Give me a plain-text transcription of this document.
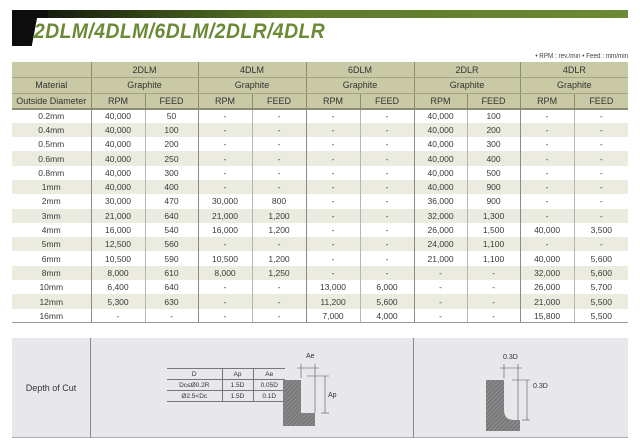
2DLM/4DLM/6DLM/2DLR/4DLR
• RPM : rev./min • Feed : mm/min
	2DLM		4DLM		6DLM		2DLR		4DLR	
Material	Graphite		Graphite		Graphite		Graphite		Graphite	
Outside Diameter	RPM	FEED	RPM	FEED	RPM	FEED	RPM	FEED	RPM	FEED
0.2mm	40,000	50	-	-	-	-	40,000	100	-	-
0.4mm	40,000	100	-	-	-	-	40,000	200	-	-
0.5mm	40,000	200	-	-	-	-	40,000	300	-	-
0.6mm	40,000	250	-	-	-	-	40,000	400	-	-
0.8mm	40,000	300	-	-	-	-	40,000	500	-	-
1mm	40,000	400	-	-	-	-	40,000	900	-	-
2mm	30,000	470	30,000	800	-	-	36,000	900	-	-
3mm	21,000	640	21,000	1,200	-	-	32,000	1,300	-	-
4mm	16,000	540	16,000	1,200	-	-	26,000	1,500	40,000	3,500
5mm	12,500	560	-	-	-	-	24,000	1,100	-	-
6mm	10,500	590	10,500	1,200	-	-	21,000	1,100	40,000	5,600
8mm	8,000	610	8,000	1,250	-	-	-	-	32,000	5,600
10mm	6,400	640	-	-	13,000	6,000	-	-	26,000	5,700
12mm	5,300	630	-	-	11,200	5,600	-	-	21,000	5,500
16mm	-	-	-	-	7,000	4,000	-	-	15,800	5,500
Depth of Cut
D	Ap	Ae
Dc≤Ø0.2R	1.5D	0.05D
Ø2.5<Dc	1.5D	0.1D
Ae
Ap
0.3D
0.3D
